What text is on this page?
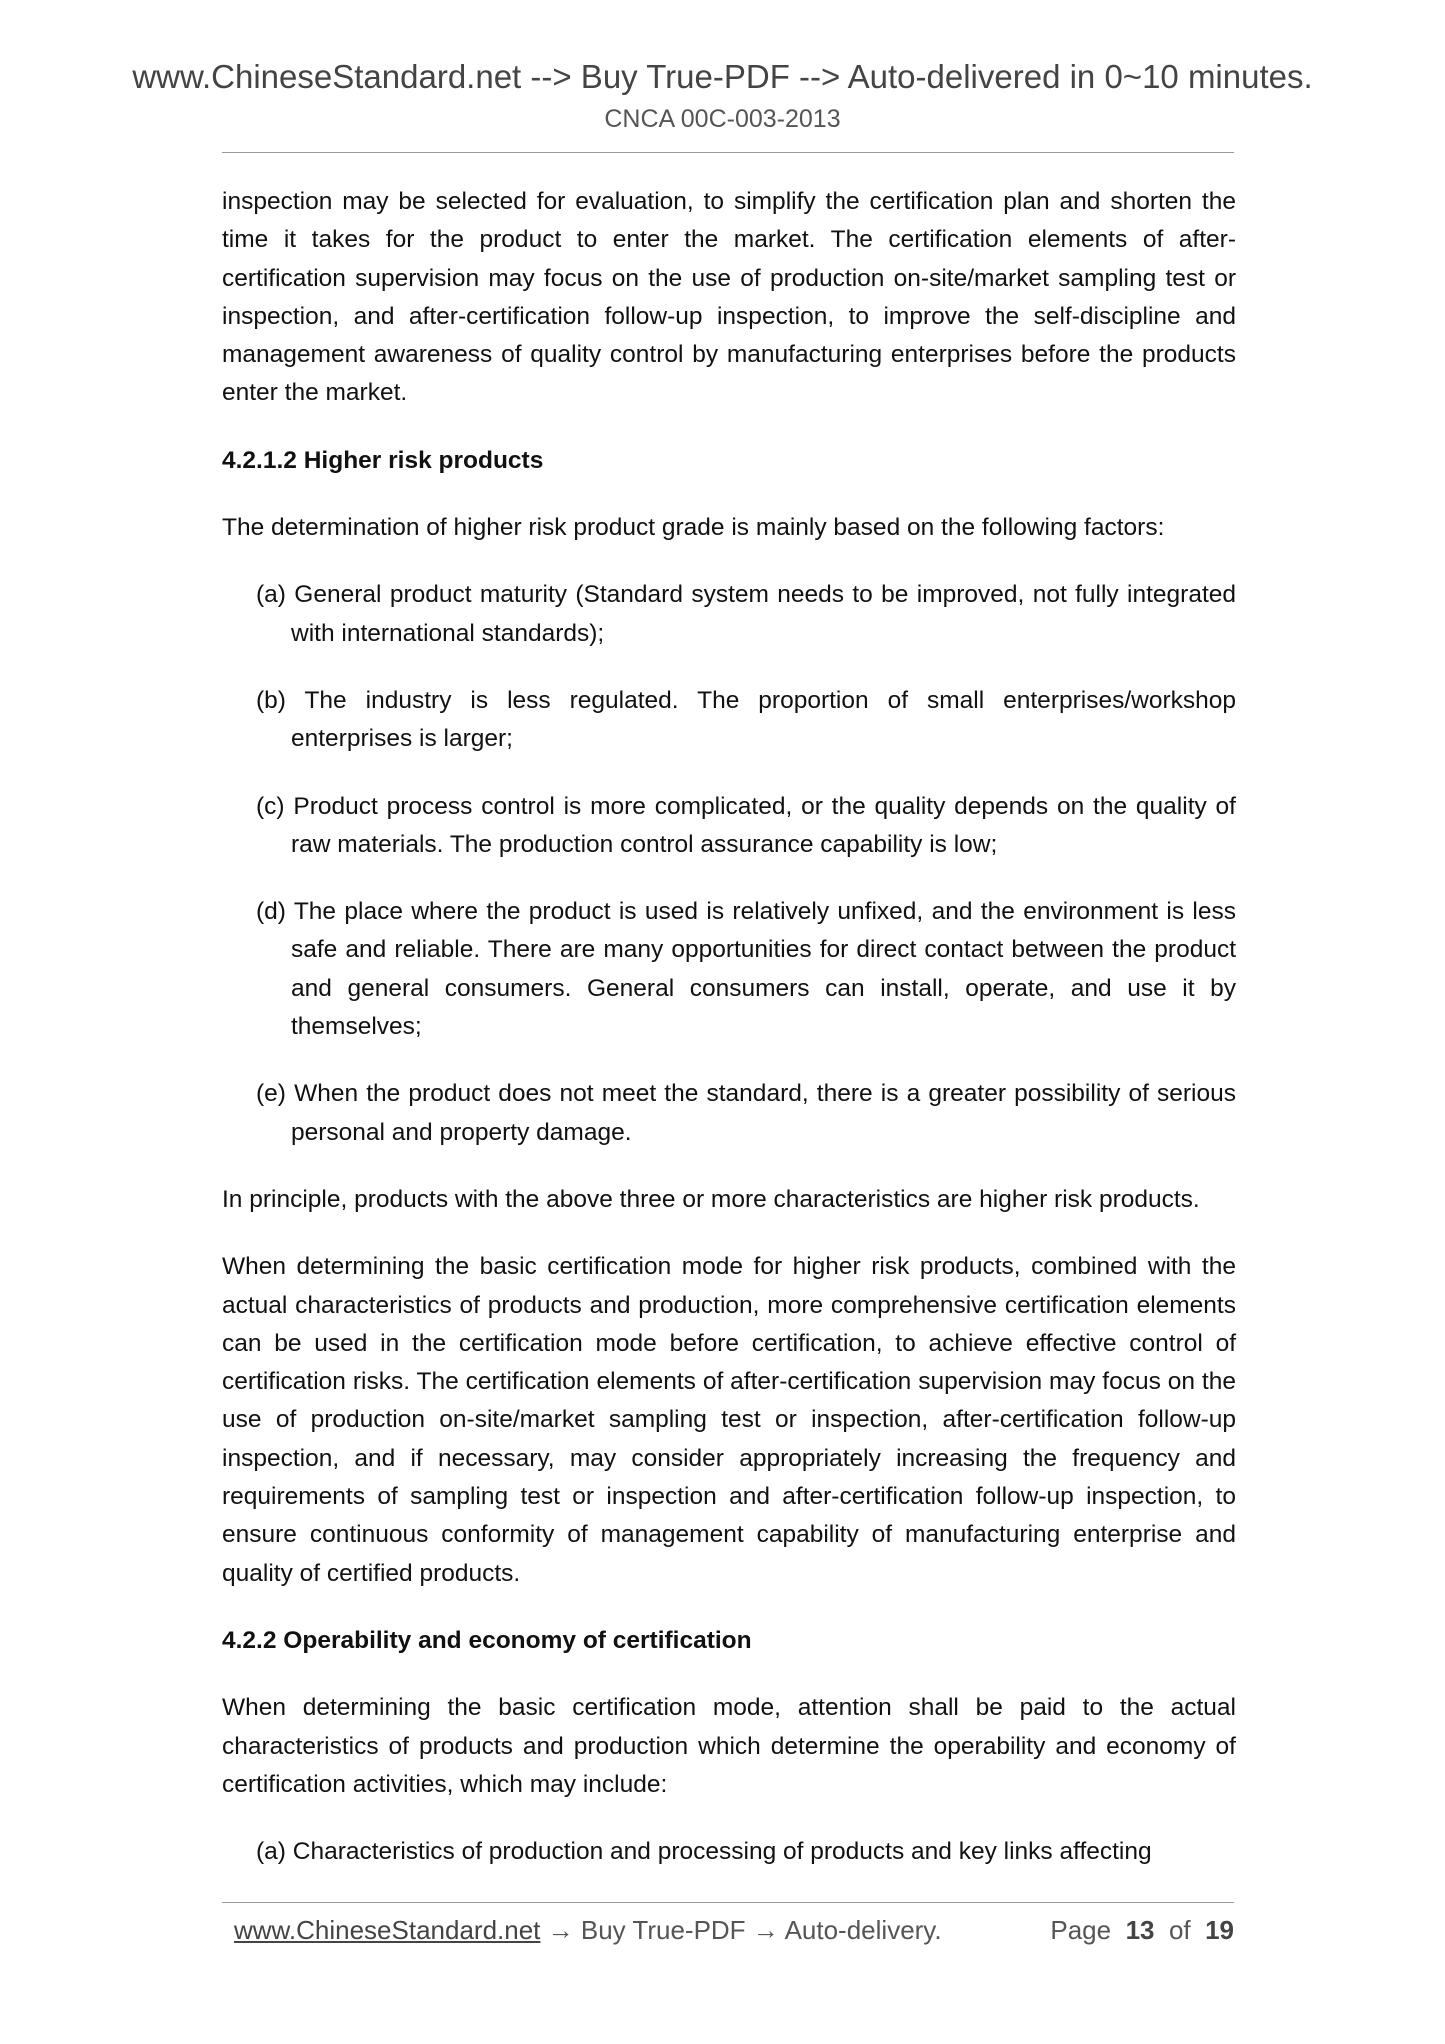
www.ChineseStandard.net --> Buy True-PDF --> Auto-delivered in 0~10 minutes.
CNCA 00C-003-2013

inspection may be selected for evaluation, to simplify the certification plan and shorten the time it takes for the product to enter the market. The certification elements of after-certification supervision may focus on the use of production on-site/market sampling test or inspection, and after-certification follow-up inspection, to improve the self-discipline and management awareness of quality control by manufacturing enterprises before the products enter the market.

4.2.1.2 Higher risk products

The determination of higher risk product grade is mainly based on the following factors:

(a) General product maturity (Standard system needs to be improved, not fully integrated with international standards);
(b) The industry is less regulated. The proportion of small enterprises/workshop enterprises is larger;
(c) Product process control is more complicated, or the quality depends on the quality of raw materials. The production control assurance capability is low;
(d) The place where the product is used is relatively unfixed, and the environment is less safe and reliable. There are many opportunities for direct contact between the product and general consumers. General consumers can install, operate, and use it by themselves;
(e) When the product does not meet the standard, there is a greater possibility of serious personal and property damage.

In principle, products with the above three or more characteristics are higher risk products.

When determining the basic certification mode for higher risk products, combined with the actual characteristics of products and production, more comprehensive certification elements can be used in the certification mode before certification, to achieve effective control of certification risks. The certification elements of after-certification supervision may focus on the use of production on-site/market sampling test or inspection, after-certification follow-up inspection, and if necessary, may consider appropriately increasing the frequency and requirements of sampling test or inspection and after-certification follow-up inspection, to ensure continuous conformity of management capability of manufacturing enterprise and quality of certified products.

4.2.2 Operability and economy of certification

When determining the basic certification mode, attention shall be paid to the actual characteristics of products and production which determine the operability and economy of certification activities, which may include:

(a) Characteristics of production and processing of products and key links affecting
www.ChineseStandard.net → Buy True-PDF → Auto-delivery.	Page 13 of 19
